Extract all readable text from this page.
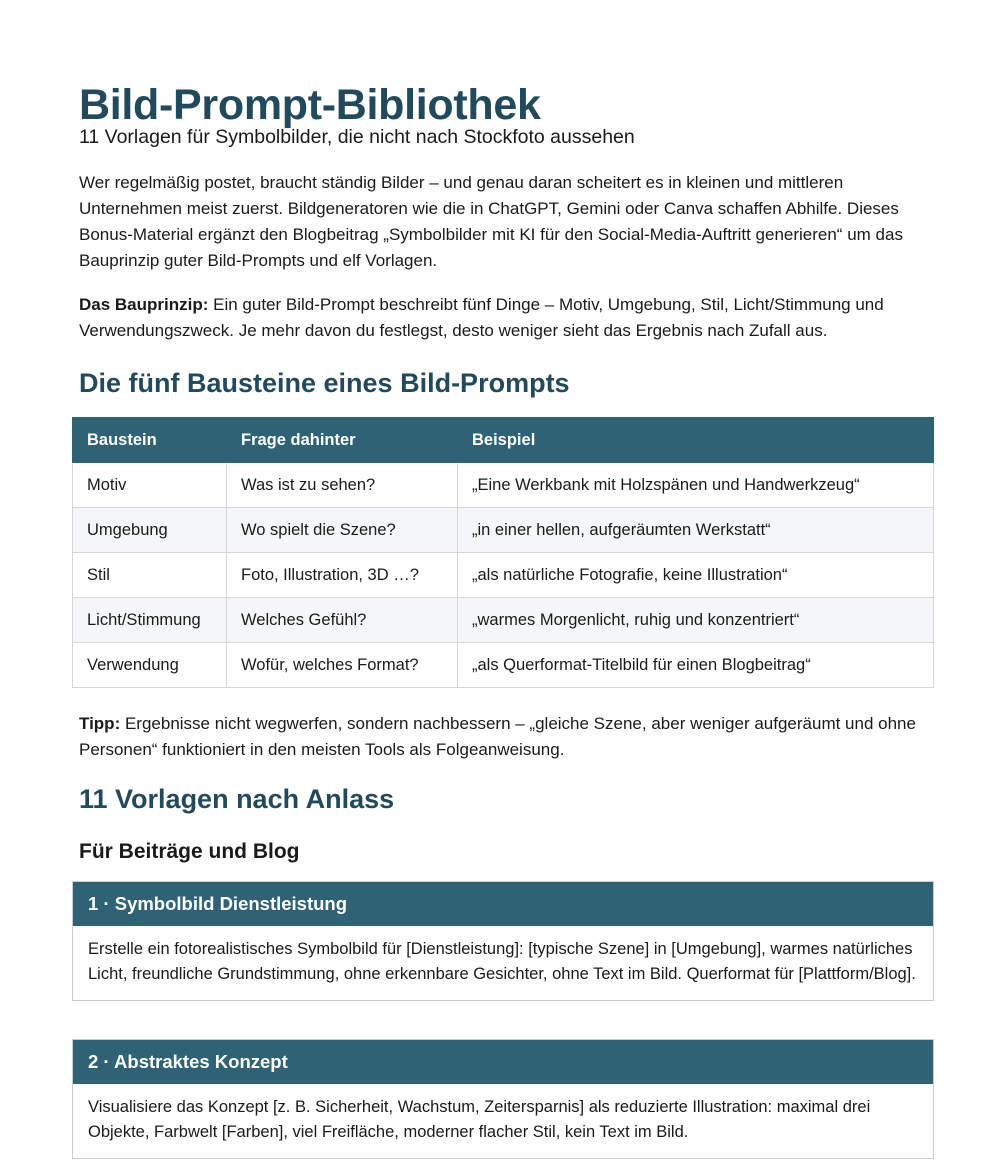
Bild-Prompt-Bibliothek

11 Vorlagen für Symbolbilder, die nicht nach Stockfoto aussehen

Wer regelmäßig postet, braucht ständig Bilder – und genau daran scheitert es in kleinen und mittleren Unternehmen meist zuerst. Bildgeneratoren wie die in ChatGPT, Gemini oder Canva schaffen Abhilfe. Dieses Bonus-Material ergänzt den Blogbeitrag „Symbolbilder mit KI für den Social-Media-Auftritt generieren“ um das Bauprinzip guter Bild-Prompts und elf Vorlagen.

Das Bauprinzip: Ein guter Bild-Prompt beschreibt fünf Dinge – Motiv, Umgebung, Stil, Licht/Stimmung und Verwendungszweck. Je mehr davon du festlegst, desto weniger sieht das Ergebnis nach Zufall aus.

Die fünf Bausteine eines Bild-Prompts
Baustein	Frage dahinter	Beispiel
Motiv	Was ist zu sehen?	„Eine Werkbank mit Holzspänen und Handwerkzeug“
Umgebung	Wo spielt die Szene?	„in einer hellen, aufgeräumten Werkstatt“
Stil	Foto, Illustration, 3D …?	„als natürliche Fotografie, keine Illustration“
Licht/Stimmung	Welches Gefühl?	„warmes Morgenlicht, ruhig und konzentriert“
Verwendung	Wofür, welches Format?	„als Querformat-Titelbild für einen Blogbeitrag“

Tipp: Ergebnisse nicht wegwerfen, sondern nachbessern – „gleiche Szene, aber weniger aufgeräumt und ohne Personen“ funktioniert in den meisten Tools als Folgeanweisung.

11 Vorlagen nach Anlass
Für Beiträge und Blog
1 · Symbolbild Dienstleistung
Erstelle ein fotorealistisches Symbolbild für [Dienstleistung]: [typische Szene] in [Umgebung], warmes natürliches Licht, freundliche Grundstimmung, ohne erkennbare Gesichter, ohne Text im Bild. Querformat für [Plattform/Blog].
2 · Abstraktes Konzept
Visualisiere das Konzept [z. B. Sicherheit, Wachstum, Zeitersparnis] als reduzierte Illustration: maximal drei Objekte, Farbwelt [Farben], viel Freifläche, moderner flacher Stil, kein Text im Bild.
